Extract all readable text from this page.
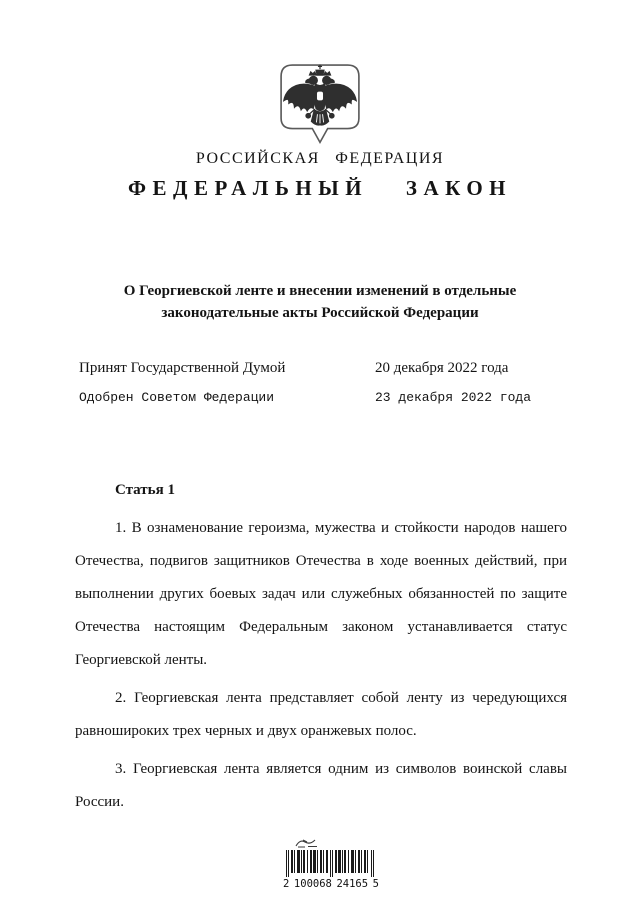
РОССИЙСКАЯ ФЕДЕРАЦИЯ
ФЕДЕРАЛЬНЫЙ ЗАКОН
О Георгиевской ленте и внесении изменений в отдельные
законодательные акты Российской Федерации
Принят Государственной Думой	20 декабря 2022 года
Одобрен Советом Федерации	23 декабря 2022 года
Статья 1

1. В ознаменование героизма, мужества и стойкости народов нашего Отечества, подвигов защитников Отечества в ходе военных действий, при выполнении других боевых задач или служебных обязанностей по защите Отечества настоящим Федеральным законом устанавливается статус Георгиевской ленты.

2. Георгиевская лента представляет собой ленту из чередующихся равношироких трех черных и двух оранжевых полос.

3. Георгиевская лента является одним из символов воинской славы России.

2 100068 24165 5
